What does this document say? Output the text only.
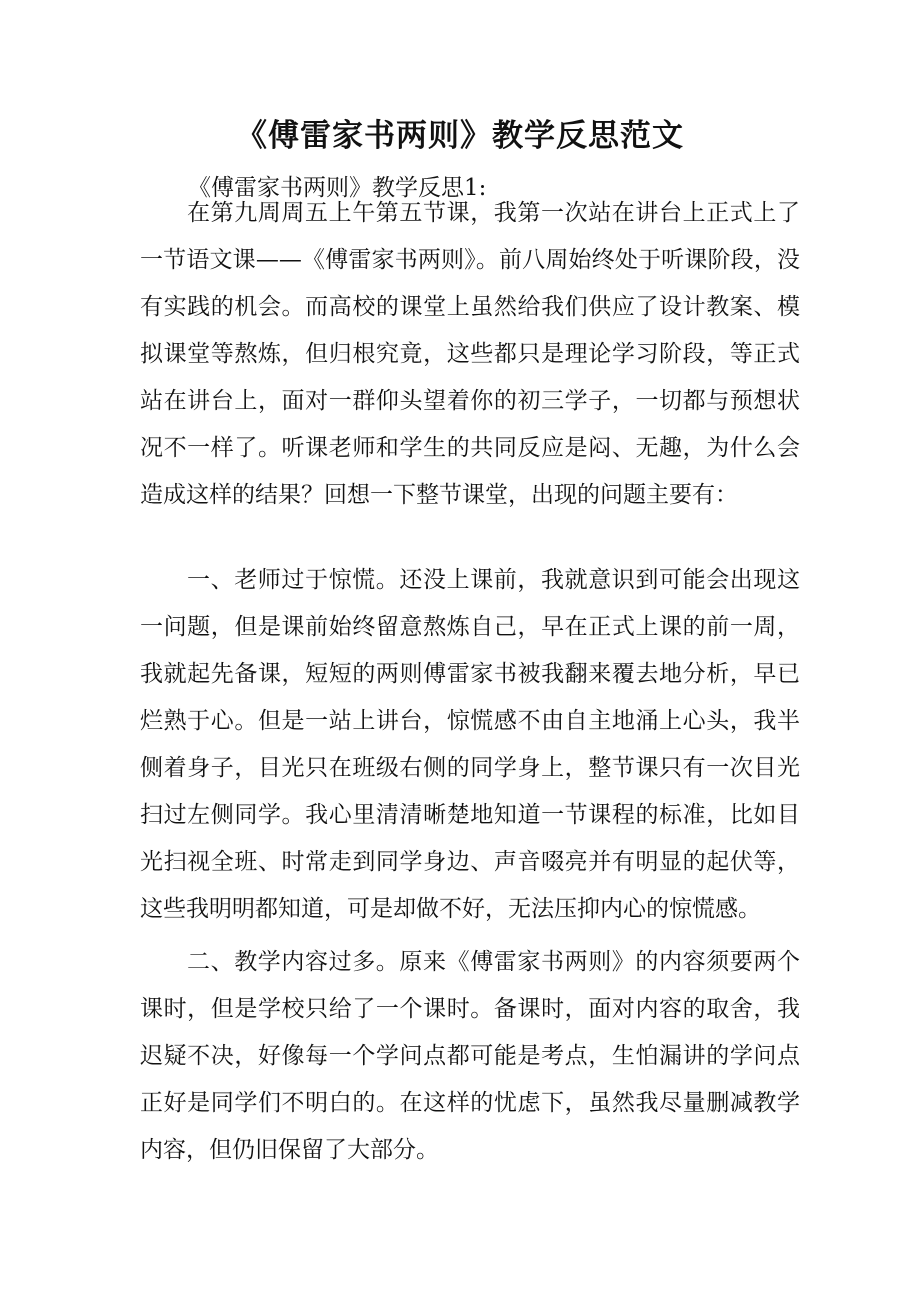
《傅雷家书两则》教学反思范文

《傅雷家书两则》教学反思1:

在第九周周五上午第五节课，我第一次站在讲台上正式上了一节语文课——《傅雷家书两则》。前八周始终处于听课阶段，没有实践的机会。而高校的课堂上虽然给我们供应了设计教案、模拟课堂等熬炼，但归根究竟，这些都只是理论学习阶段，等正式站在讲台上，面对一群仰头望着你的初三学子，一切都与预想状况不一样了。听课老师和学生的共同反应是闷、无趣，为什么会造成这样的结果？回想一下整节课堂，出现的问题主要有：

一、老师过于惊慌。还没上课前，我就意识到可能会出现这一问题，但是课前始终留意熬炼自己，早在正式上课的前一周，我就起先备课，短短的两则傅雷家书被我翻来覆去地分析，早已烂熟于心。但是一站上讲台，惊慌感不由自主地涌上心头，我半侧着身子，目光只在班级右侧的同学身上，整节课只有一次目光扫过左侧同学。我心里清清晰楚地知道一节课程的标准，比如目光扫视全班、时常走到同学身边、声音啜亮并有明显的起伏等，这些我明明都知道，可是却做不好，无法压抑内心的惊慌感。

二、教学内容过多。原来《傅雷家书两则》的内容须要两个课时，但是学校只给了一个课时。备课时，面对内容的取舍，我迟疑不决，好像每一个学问点都可能是考点，生怕漏讲的学问点正好是同学们不明白的。在这样的忧虑下，虽然我尽量删减教学内容，但仍旧保留了大部分。
